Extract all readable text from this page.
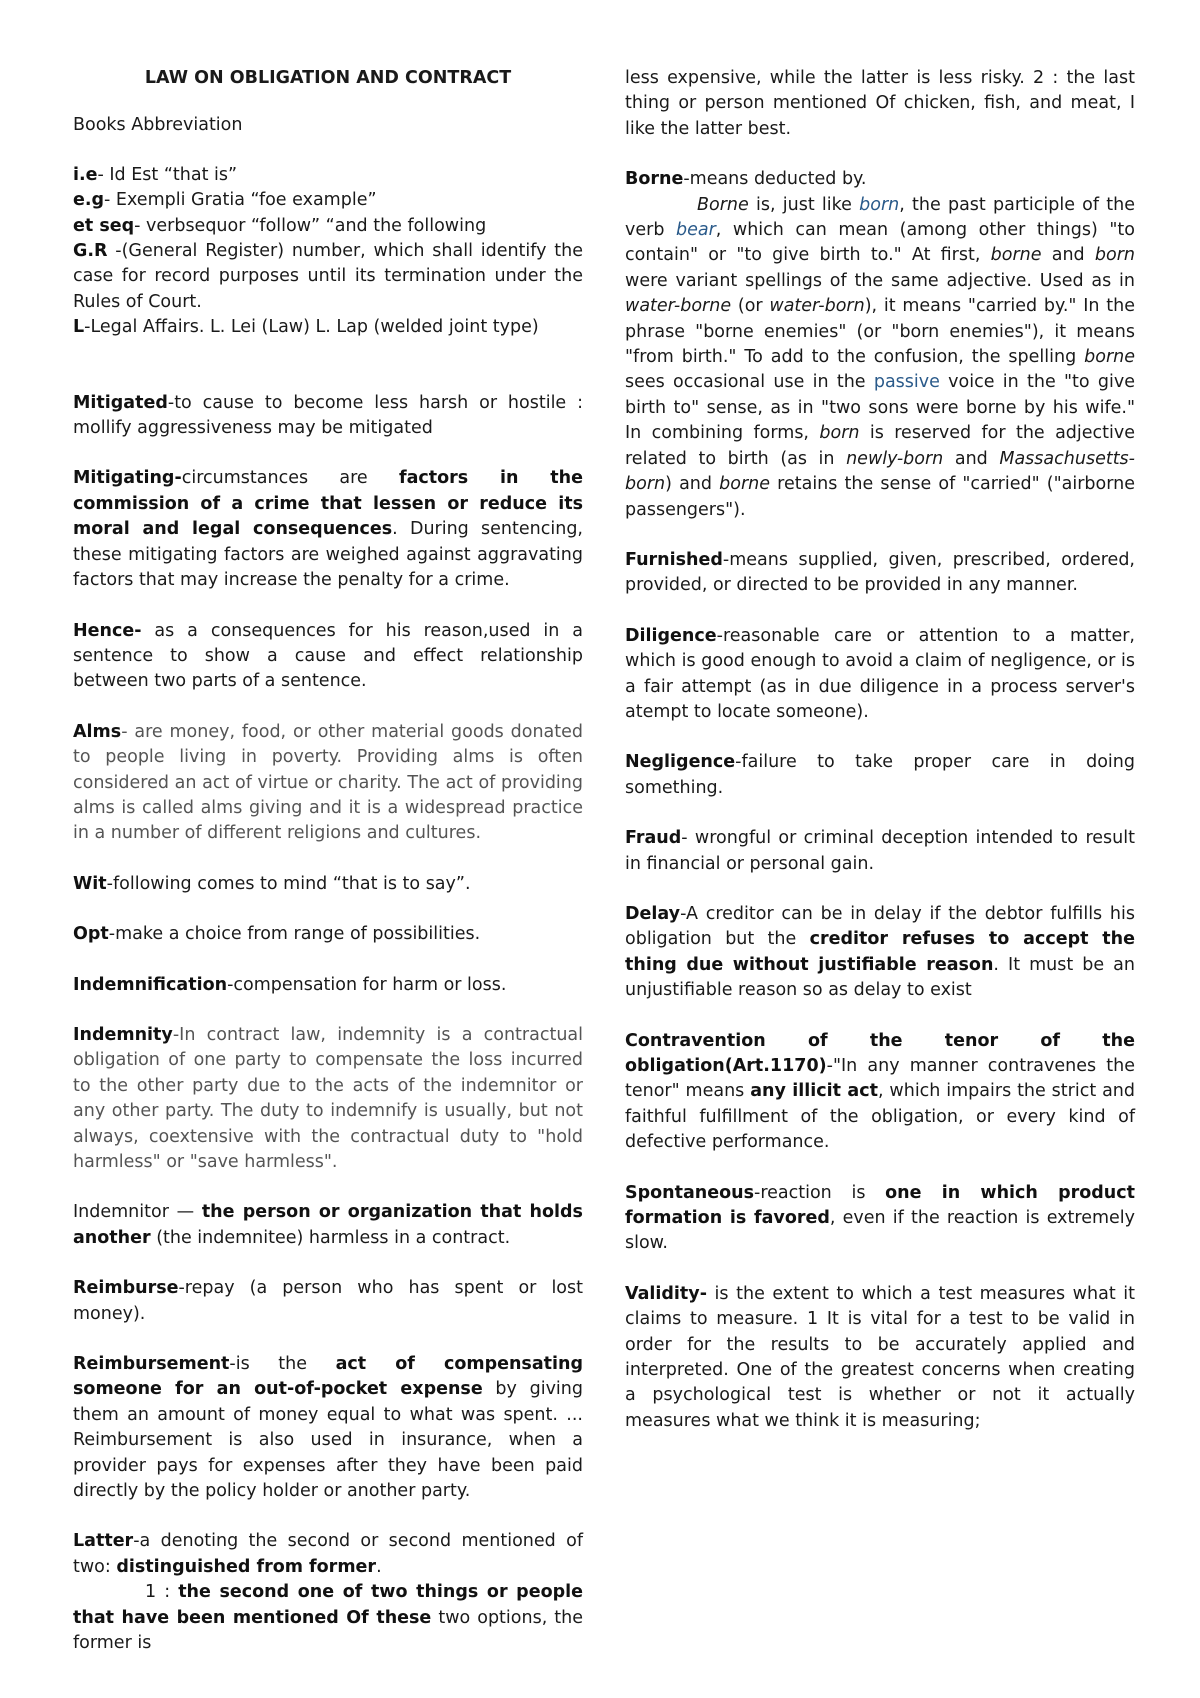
LAW ON OBLIGATION AND CONTRACT

Books Abbreviation

i.e- Id Est “that is”
e.g- Exempli Gratia “foe example”
et seq- verbsequor “follow” “and the following
G.R -(General Register) number, which shall identify the case for record purposes until its termination under the Rules of Court.
L-Legal Affairs. L. Lei (Law) L. Lap (welded joint type)

Mitigated-to cause to become less harsh or hostile : mollify aggressiveness may be mitigated

Mitigating-circumstances are factors in the commission of a crime that lessen or reduce its moral and legal consequences. During sentencing, these mitigating factors are weighed against aggravating factors that may increase the penalty for a crime.

Hence- as a consequences for his reason,used in a sentence to show a cause and effect relationship between two parts of a sentence.

Alms- are money, food, or other material goods donated to people living in poverty. Providing alms is often considered an act of virtue or charity. The act of providing alms is called alms giving and it is a widespread practice in a number of different religions and cultures.

Wit-following comes to mind “that is to say”.

Opt-make a choice from range of possibilities.

Indemnification-compensation for harm or loss.

Indemnity-In contract law, indemnity is a contractual obligation of one party to compensate the loss incurred to the other party due to the acts of the indemnitor or any other party. The duty to indemnify is usually, but not always, coextensive with the contractual duty to "hold harmless" or "save harmless".

Indemnitor — the person or organization that holds another (the indemnitee) harmless in a contract.

Reimburse-repay (a person who has spent or lost money).

Reimbursement-is the act of compensating someone for an out-of-pocket expense by giving them an amount of money equal to what was spent. ... Reimbursement is also used in insurance, when a provider pays for expenses after they have been paid directly by the policy holder or another party.

Latter-a denoting the second or second mentioned of two: distinguished from former.

1 : the second one of two things or people that have been mentioned Of these two options, the former is

less expensive, while the latter is less risky. 2 : the last thing or person mentioned Of chicken, fish, and meat, I like the latter best.

Borne-means deducted by.

Borne is, just like born, the past participle of the verb bear, which can mean (among other things) "to contain" or "to give birth to." At first, borne and born were variant spellings of the same adjective. Used as in water-borne (or water-born), it means "carried by." In the phrase "borne enemies" (or "born enemies"), it means "from birth." To add to the confusion, the spelling borne sees occasional use in the passive voice in the "to give birth to" sense, as in "two sons were borne by his wife." In combining forms, born is reserved for the adjective related to birth (as in newly-born and Massachusetts-born) and borne retains the sense of "carried" ("airborne passengers").

Furnished-means supplied, given, prescribed, ordered, provided, or directed to be provided in any manner.

Diligence-reasonable care or attention to a matter, which is good enough to avoid a claim of negligence, or is a fair attempt (as in due diligence in a process server's atempt to locate someone).

Negligence-failure to take proper care in doing something.

Fraud- wrongful or criminal deception intended to result in financial or personal gain.

Delay-A creditor can be in delay if the debtor fulfills his obligation but the creditor refuses to accept the thing due without justifiable reason. It must be an unjustifiable reason so as delay to exist

Contravention of the tenor of the obligation(Art.1170)-"In any manner contravenes the tenor" means any illicit act, which impairs the strict and faithful fulfillment of the obligation, or every kind of defective performance.

Spontaneous-reaction is one in which product formation is favored, even if the reaction is extremely slow.

Validity- is the extent to which a test measures what it claims to measure. 1 It is vital for a test to be valid in order for the results to be accurately applied and interpreted. One of the greatest concerns when creating a psychological test is whether or not it actually measures what we think it is measuring;
